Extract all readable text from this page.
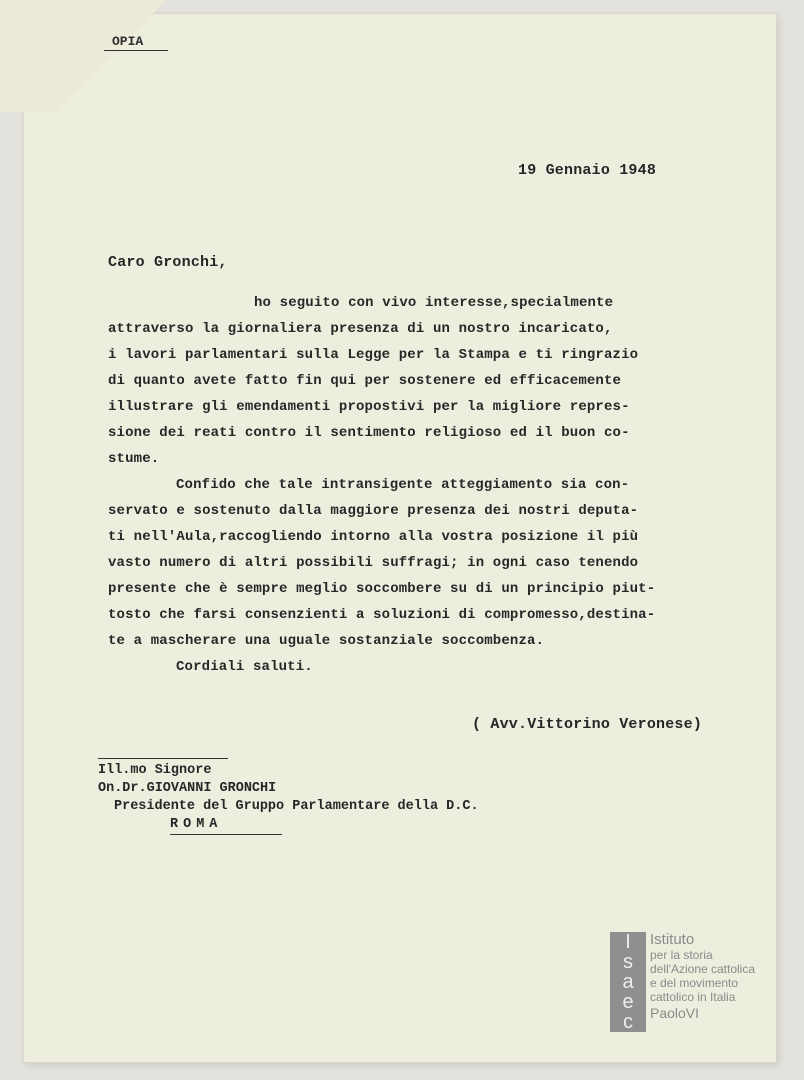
OPIA
19 Gennaio 1948
Caro Gronchi,
ho seguito con vivo interesse,specialmente
attraverso la giornaliera presenza di un nostro incaricato,
i lavori parlamentari sulla Legge per la Stampa e ti ringrazio
di quanto avete fatto fin qui per sostenere ed efficacemente
illustrare gli emendamenti propostivi per la migliore repres-
sione dei reati contro il sentimento religioso ed il buon co-
stume.
Confido che tale intransigente atteggiamento sia con-
servato e sostenuto dalla maggiore presenza dei nostri deputa-
ti nell'Aula,raccogliendo intorno alla vostra posizione il più
vasto numero di altri possibili suffragi; in ogni caso tenendo
presente che è sempre meglio soccombere su di un principio piut-
tosto che farsi consenzienti a soluzioni di compromesso,destina-
te a mascherare una uguale sostanziale soccombenza.
Cordiali saluti.
( Avv.Vittorino Veronese)
Ill.mo Signore
On.Dr.GIOVANNI GRONCHI
Presidente del Gruppo Parlamentare della D.C.
ROMA
I
s
a
e
c
Istituto
per la storia
dell'Azione cattolica
e del movimento
cattolico in Italia
PaoloVI
